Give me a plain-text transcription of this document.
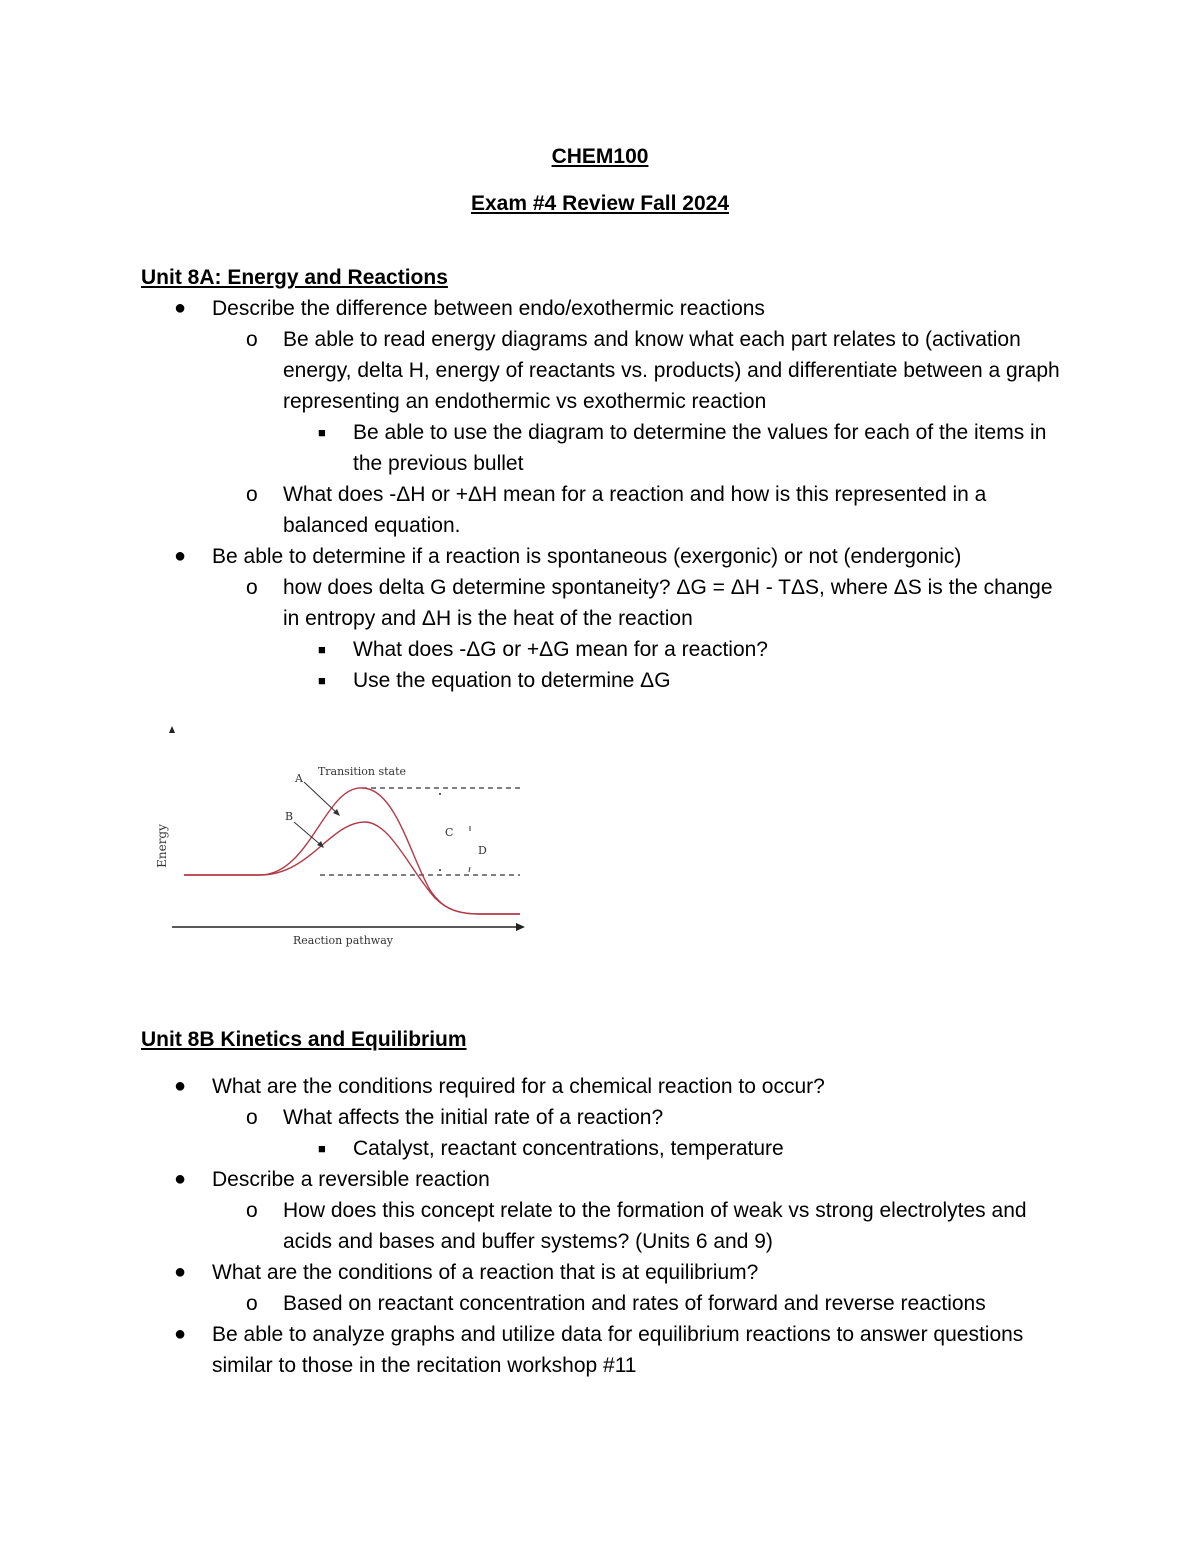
CHEM100
Exam #4 Review Fall 2024
Unit 8A: Energy and Reactions
● Describe the difference between endo/exothermic reactions
o Be able to read energy diagrams and know what each part relates to (activation energy, delta H, energy of reactants vs. products) and differentiate between a graph representing an endothermic vs exothermic reaction
■ Be able to use the diagram to determine the values for each of the items in the previous bullet
o What does -ΔH or +ΔH mean for a reaction and how is this represented in a balanced equation.
● Be able to determine if a reaction is spontaneous (exergonic) or not (endergonic)
o how does delta G determine spontaneity? ΔG = ΔH - TΔS, where ΔS is the change in entropy and ΔH is the heat of the reaction
■ What does -ΔG or +ΔG mean for a reaction?
■ Use the equation to determine ΔG
Energy
Reaction pathway
Transition state
A
B
C
D
Unit 8B Kinetics and Equilibrium
● What are the conditions required for a chemical reaction to occur?
o What affects the initial rate of a reaction?
■ Catalyst, reactant concentrations, temperature
● Describe a reversible reaction
o How does this concept relate to the formation of weak vs strong electrolytes and acids and bases and buffer systems? (Units 6 and 9)
● What are the conditions of a reaction that is at equilibrium?
o Based on reactant concentration and rates of forward and reverse reactions
● Be able to analyze graphs and utilize data for equilibrium reactions to answer questions similar to those in the recitation workshop #11
